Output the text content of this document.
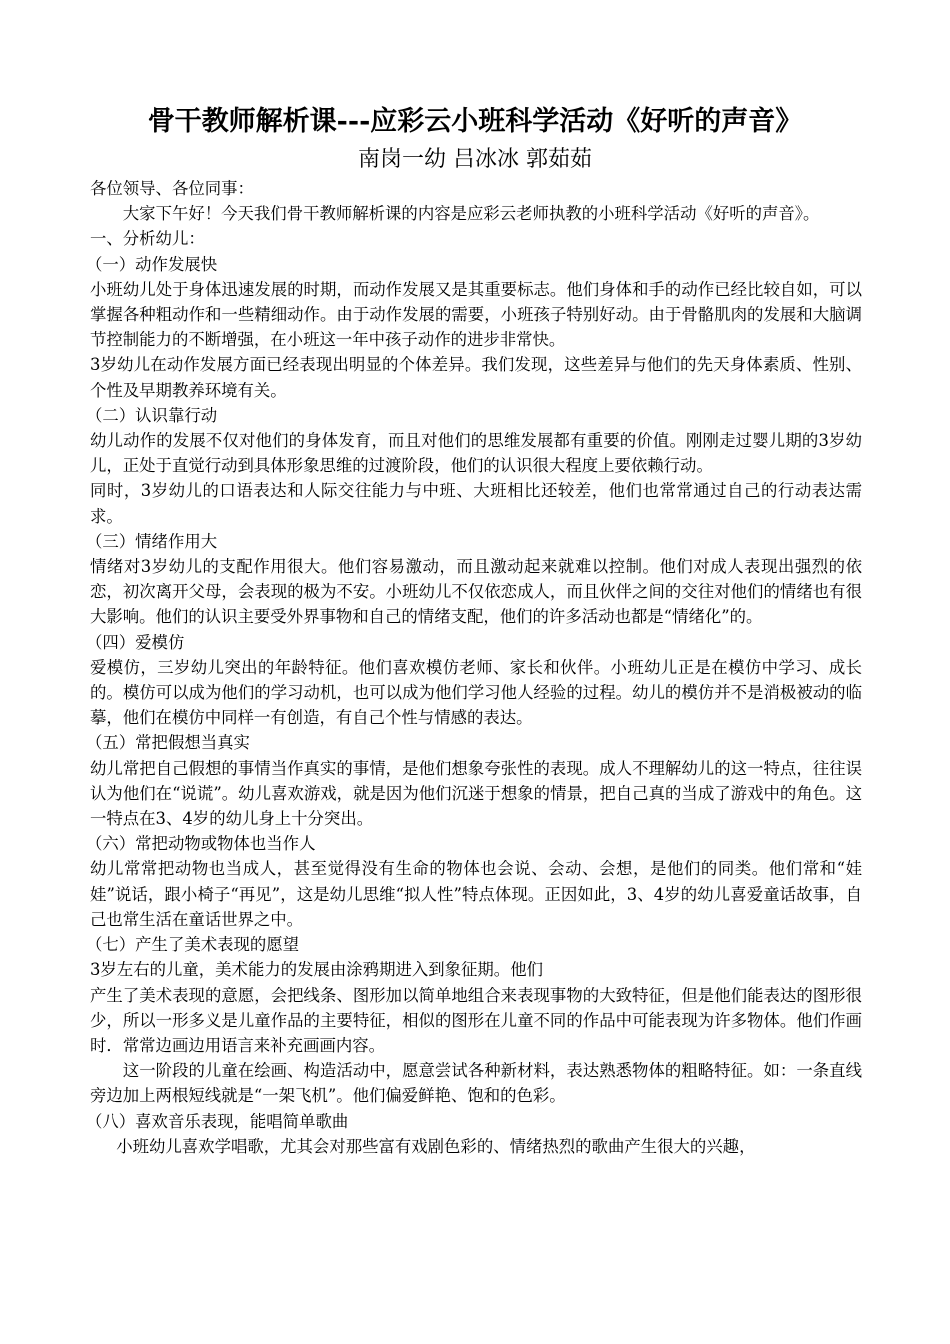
骨干教师解析课---应彩云小班科学活动《好听的声音》
南岗一幼 吕冰冰 郭茹茹

各位领导、各位同事：

大家下午好！今天我们骨干教师解析课的内容是应彩云老师执教的小班科学活动《好听的声音》。

一、分析幼儿：

（一）动作发展快

小班幼儿处于身体迅速发展的时期，而动作发展又是其重要标志。他们身体和手的动作已经比较自如，可以掌握各种粗动作和一些精细动作。由于动作发展的需要，小班孩子特别好动。由于骨骼肌肉的发展和大脑调节控制能力的不断增强，在小班这一年中孩子动作的进步非常快。

3岁幼儿在动作发展方面已经表现出明显的个体差异。我们发现，这些差异与他们的先天身体素质、性别、个性及早期教养环境有关。

（二）认识靠行动

幼儿动作的发展不仅对他们的身体发育，而且对他们的思维发展都有重要的价值。刚刚走过婴儿期的3岁幼儿，正处于直觉行动到具体形象思维的过渡阶段，他们的认识很大程度上要依赖行动。

同时，3岁幼儿的口语表达和人际交往能力与中班、大班相比还较差，他们也常常通过自己的行动表达需求。

（三）情绪作用大

情绪对3岁幼儿的支配作用很大。他们容易激动，而且激动起来就难以控制。他们对成人表现出强烈的依恋，初次离开父母，会表现的极为不安。小班幼儿不仅依恋成人，而且伙伴之间的交往对他们的情绪也有很大影响。他们的认识主要受外界事物和自己的情绪支配，他们的许多活动也都是“情绪化”的。

（四）爱模仿

爱模仿，三岁幼儿突出的年龄特征。他们喜欢模仿老师、家长和伙伴。小班幼儿正是在模仿中学习、成长的。模仿可以成为他们的学习动机，也可以成为他们学习他人经验的过程。幼儿的模仿并不是消极被动的临摹，他们在模仿中同样一有创造，有自己个性与情感的表达。

（五）常把假想当真实

幼儿常把自己假想的事情当作真实的事情，是他们想象夸张性的表现。成人不理解幼儿的这一特点，往往误认为他们在“说谎”。幼儿喜欢游戏，就是因为他们沉迷于想象的情景，把自己真的当成了游戏中的角色。这一特点在3、4岁的幼儿身上十分突出。

（六）常把动物或物体也当作人

幼儿常常把动物也当成人，甚至觉得没有生命的物体也会说、会动、会想，是他们的同类。他们常和“娃娃”说话，跟小椅子“再见”，这是幼儿思维“拟人性”特点体现。正因如此，3、4岁的幼儿喜爱童话故事，自己也常生活在童话世界之中。

（七）产生了美术表现的愿望

3岁左右的儿童，美术能力的发展由涂鸦期进入到象征期。他们

产生了美术表现的意愿，会把线条、图形加以简单地组合来表现事物的大致特征，但是他们能表达的图形很少，所以一形多义是儿童作品的主要特征，相似的图形在儿童不同的作品中可能表现为许多物体。他们作画时．常常边画边用语言来补充画画内容。

这一阶段的儿童在绘画、构造活动中，愿意尝试各种新材料，表达熟悉物体的粗略特征。如：一条直线旁边加上两根短线就是“一架飞机”。他们偏爱鲜艳、饱和的色彩。

（八）喜欢音乐表现，能唱简单歌曲

小班幼儿喜欢学唱歌，尤其会对那些富有戏剧色彩的、情绪热烈的歌曲产生很大的兴趣，
